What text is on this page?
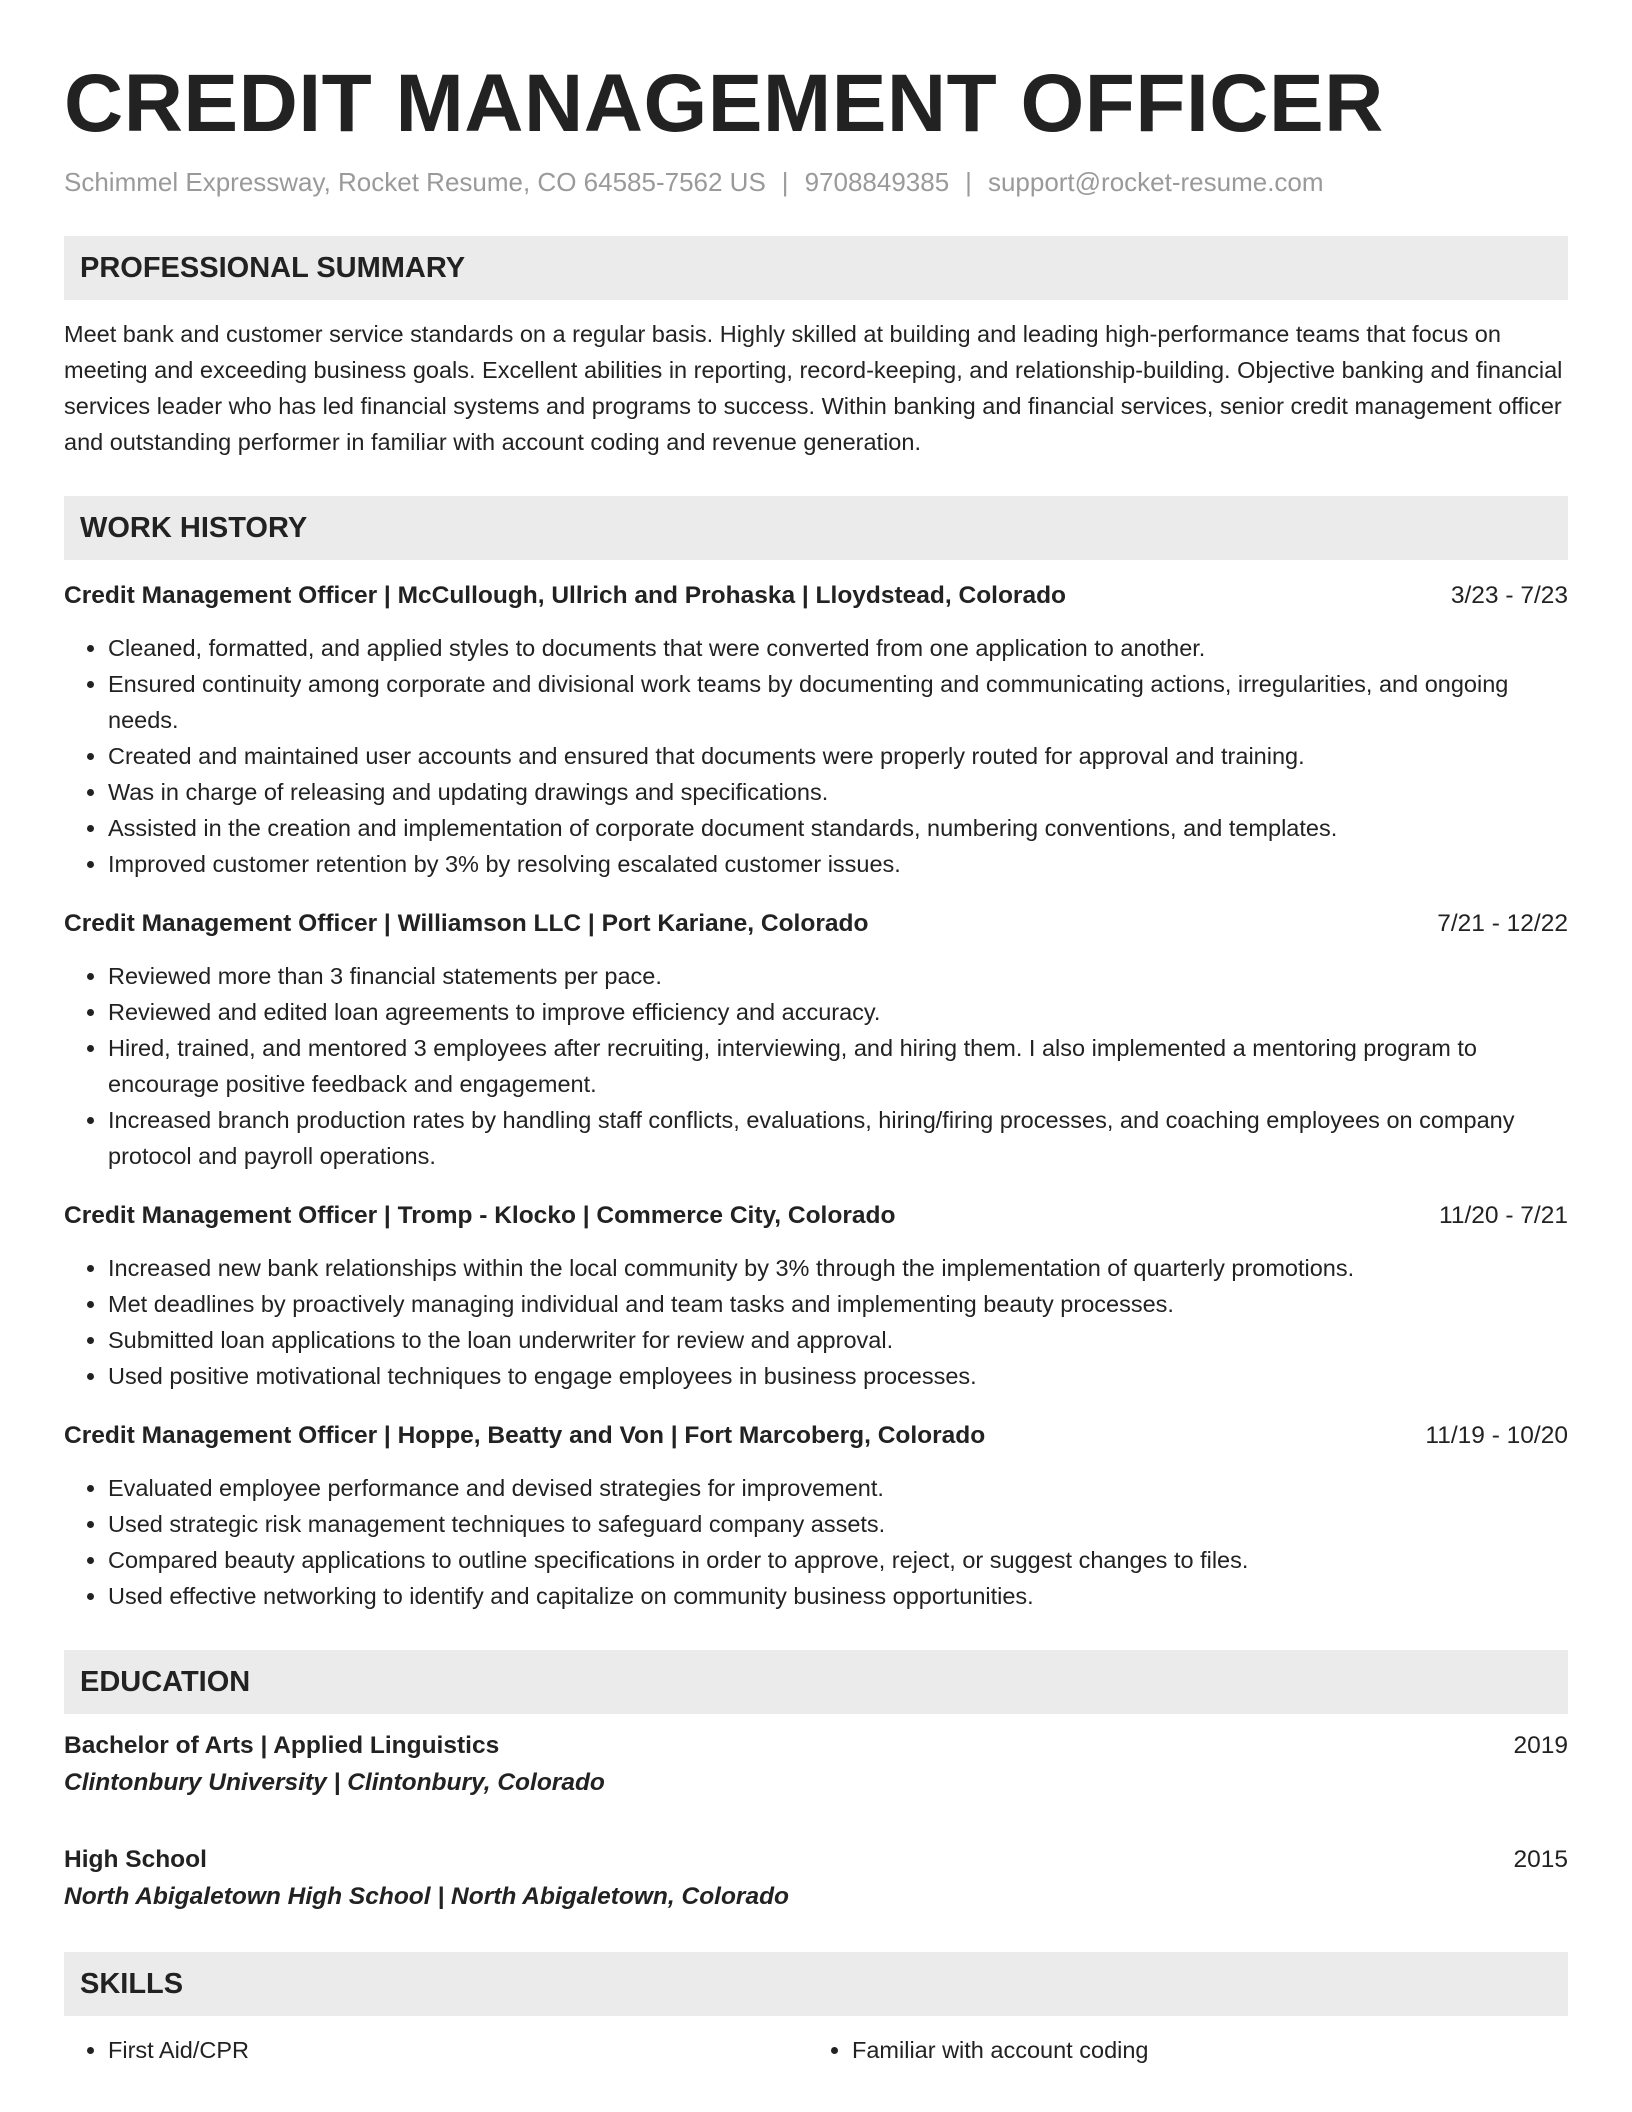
CREDIT MANAGEMENT OFFICER
Schimmel Expressway, Rocket Resume, CO 64585-7562 US | 9708849385 | support@rocket-resume.com
PROFESSIONAL SUMMARY
Meet bank and customer service standards on a regular basis. Highly skilled at building and leading high-performance teams that focus on meeting and exceeding business goals. Excellent abilities in reporting, record-keeping, and relationship-building. Objective banking and financial services leader who has led financial systems and programs to success. Within banking and financial services, senior credit management officer and outstanding performer in familiar with account coding and revenue generation.
WORK HISTORY
Credit Management Officer | McCullough, Ullrich and Prohaska | Lloydstead, Colorado	3/23 - 7/23
• Cleaned, formatted, and applied styles to documents that were converted from one application to another.
• Ensured continuity among corporate and divisional work teams by documenting and communicating actions, irregularities, and ongoing needs.
• Created and maintained user accounts and ensured that documents were properly routed for approval and training.
• Was in charge of releasing and updating drawings and specifications.
• Assisted in the creation and implementation of corporate document standards, numbering conventions, and templates.
• Improved customer retention by 3% by resolving escalated customer issues.
Credit Management Officer | Williamson LLC | Port Kariane, Colorado	7/21 - 12/22
• Reviewed more than 3 financial statements per pace.
• Reviewed and edited loan agreements to improve efficiency and accuracy.
• Hired, trained, and mentored 3 employees after recruiting, interviewing, and hiring them. I also implemented a mentoring program to encourage positive feedback and engagement.
• Increased branch production rates by handling staff conflicts, evaluations, hiring/firing processes, and coaching employees on company protocol and payroll operations.
Credit Management Officer | Tromp - Klocko | Commerce City, Colorado	11/20 - 7/21
• Increased new bank relationships within the local community by 3% through the implementation of quarterly promotions.
• Met deadlines by proactively managing individual and team tasks and implementing beauty processes.
• Submitted loan applications to the loan underwriter for review and approval.
• Used positive motivational techniques to engage employees in business processes.
Credit Management Officer | Hoppe, Beatty and Von | Fort Marcoberg, Colorado	11/19 - 10/20
• Evaluated employee performance and devised strategies for improvement.
• Used strategic risk management techniques to safeguard company assets.
• Compared beauty applications to outline specifications in order to approve, reject, or suggest changes to files.
• Used effective networking to identify and capitalize on community business opportunities.
EDUCATION
Bachelor of Arts | Applied Linguistics	2019
Clintonbury University | Clintonbury, Colorado
High School	2015
North Abigaletown High School | North Abigaletown, Colorado
SKILLS
• First Aid/CPR
•	Familiar with account coding
